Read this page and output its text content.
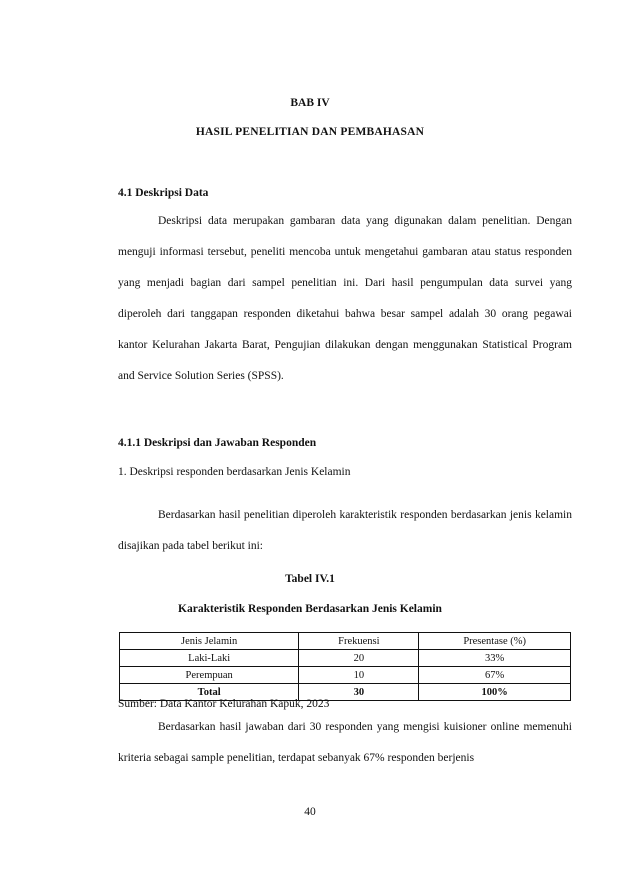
BAB IV
HASIL PENELITIAN DAN PEMBAHASAN
4.1 Deskripsi Data

Deskripsi data merupakan gambaran data yang digunakan dalam penelitian. Dengan menguji informasi tersebut, peneliti mencoba untuk mengetahui gambaran atau status responden yang menjadi bagian dari sampel penelitian ini. Dari hasil pengumpulan data survei yang diperoleh dari tanggapan responden diketahui bahwa besar sampel adalah 30 orang pegawai kantor Kelurahan Jakarta Barat, Pengujian dilakukan dengan menggunakan Statistical Program and Service Solution Series (SPSS).

4.1.1 Deskripsi dan Jawaban Responden
1. Deskripsi responden berdasarkan Jenis Kelamin

Berdasarkan hasil penelitian diperoleh karakteristik responden berdasarkan jenis kelamin disajikan pada tabel berikut ini:

Tabel IV.1
Karakteristik Responden Berdasarkan Jenis Kelamin
Jenis Jelamin	Frekuensi	Presentase (%)
Laki-Laki	20	33%
Perempuan	10	67%
Total	30	100%
Sumber: Data Kantor Kelurahan Kapuk, 2023

Berdasarkan hasil jawaban dari 30 responden yang mengisi kuisioner online memenuhi kriteria sebagai sample penelitian, terdapat sebanyak 67% responden berjenis

40
